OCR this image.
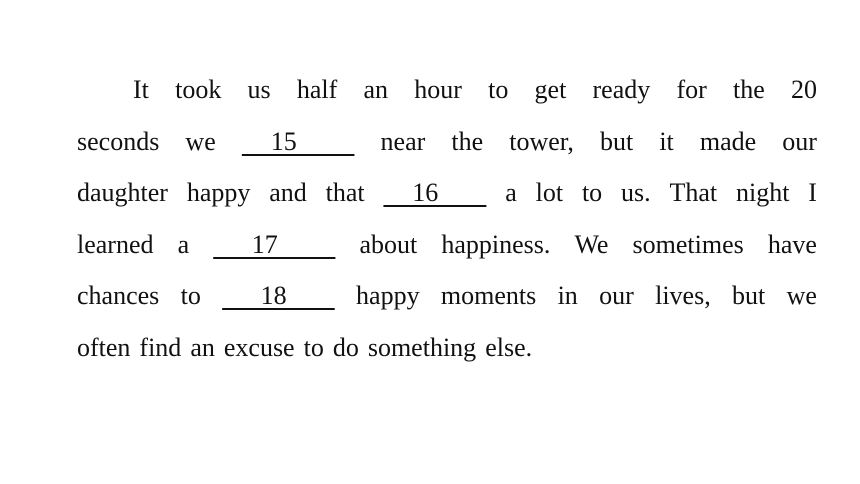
It took us half an hour to get ready for the 20
seconds we 15 near the tower, but it made our
daughter happy and that 16 a lot to us. That night I
learned a 17 about happiness. We sometimes have
chances to 18 happy moments in our lives, but we
often find an excuse to do something else.
